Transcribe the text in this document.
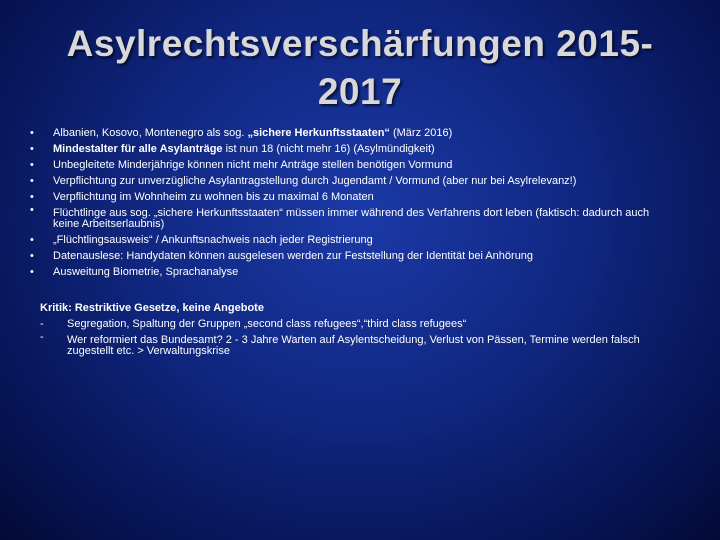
Asylrechtsverschärfungen 2015-2017
• Albanien, Kosovo, Montenegro als sog. „sichere Herkunftsstaaten“ (März 2016)
• Mindestalter für alle Asylanträge ist nun 18 (nicht mehr 16) (Asylmündigkeit)
• Unbegleitete Minderjährige können nicht mehr Anträge stellen benötigen Vormund
• Verpflichtung zur unverzügliche Asylantragstellung durch Jugendamt / Vormund (aber nur bei Asylrelevanz!)
• Verpflichtung im Wohnheim zu wohnen bis zu maximal 6 Monaten
• Flüchtlinge aus sog. „sichere Herkunftsstaaten“ müssen immer während des Verfahrens dort leben (faktisch: dadurch auch keine Arbeitserlaubnis)
• „Flüchtlingsausweis“ / Ankunftsnachweis nach jeder Registrierung
• Datenauslese: Handydaten können ausgelesen werden zur Feststellung der Identität bei Anhörung
• Ausweitung Biometrie, Sprachanalyse
Kritik: Restriktive Gesetze, keine Angebote
- Segregation, Spaltung der Gruppen „second class refugees“,“third class refugees“
- Wer reformiert das Bundesamt? 2 - 3 Jahre Warten auf Asylentscheidung, Verlust von Pässen, Termine werden falsch zugestellt etc. > Verwaltungskrise
